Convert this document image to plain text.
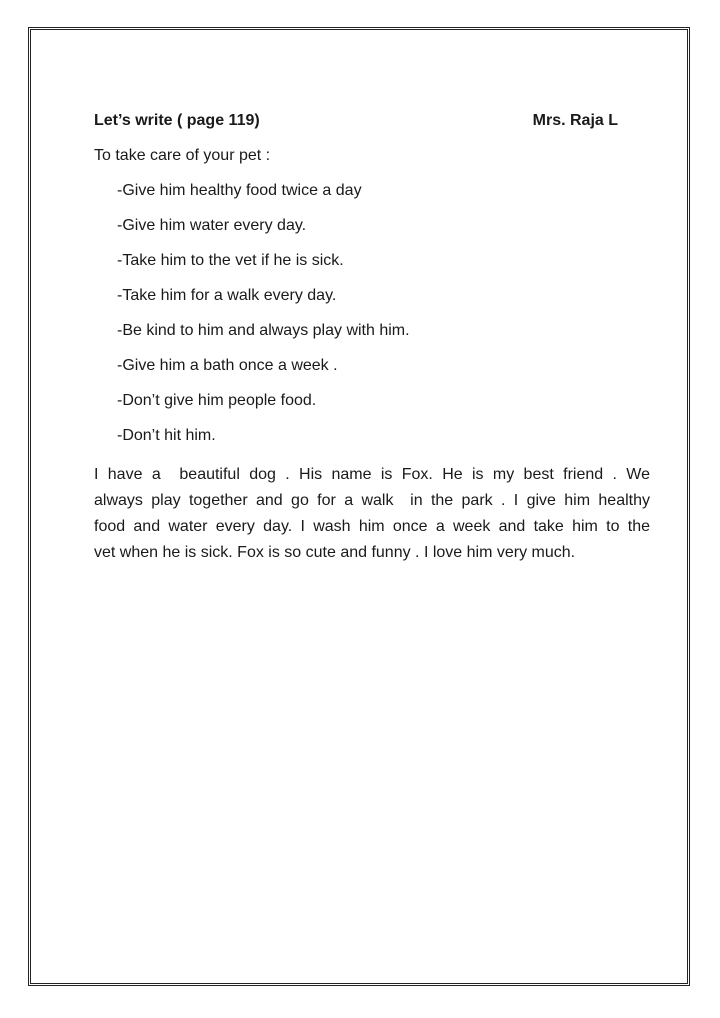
Let’s write ( page 119)	Mrs. Raja L
To take care of your pet :
-Give him healthy food twice a day
-Give him water every day.
-Take him to the vet if he is sick.
-Take him for a walk every day.
-Be kind to him and always play with him.
-Give him a bath once a week .
-Don’t give him people food.
-Don’t hit him.
I have a  beautiful dog . His name is Fox. He is my best friend . We
always play together and go for a walk  in the park . I give him healthy
food and water every day. I wash him once a week and take him to the
vet when he is sick. Fox is so cute and funny . I love him very much.
